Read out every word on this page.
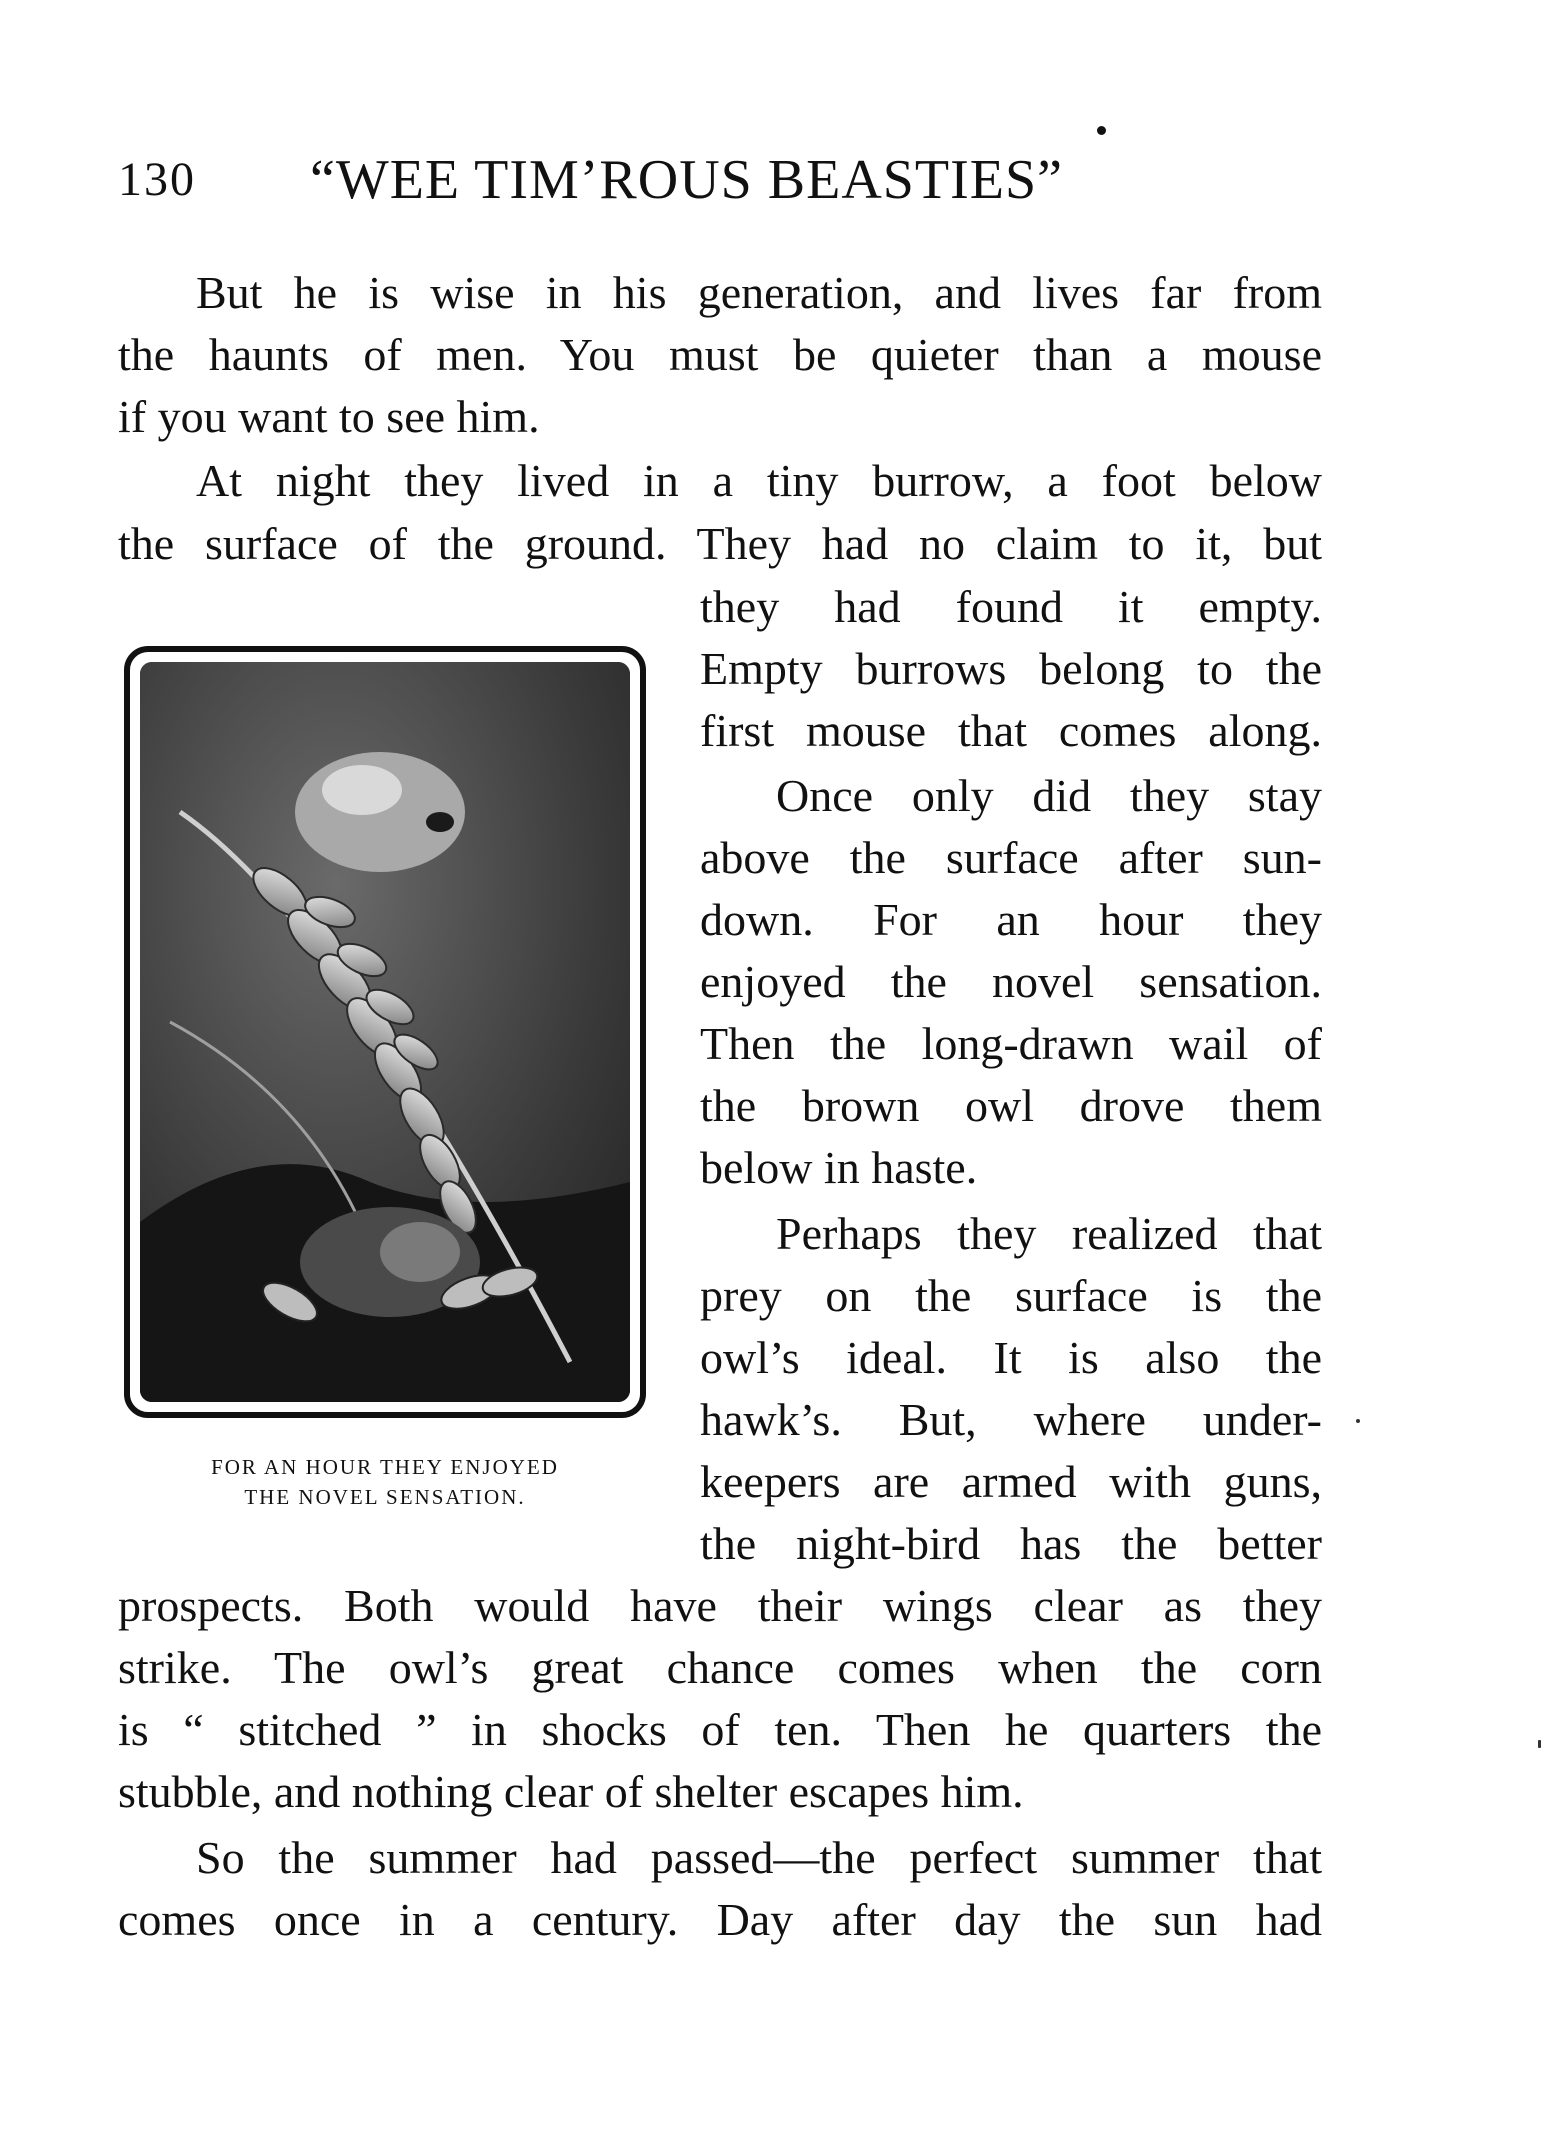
130 “WEE TIM’ROUS BEASTIES”
But he is wise in his generation, and lives far from
the haunts of men. You must be quieter than a mouse
if you want to see him.
At night they lived in a tiny burrow, a foot below
the surface of the ground. They had no claim to it, but
they had found it empty.
Empty burrows belong to the
first mouse that comes along.
Once only did they stay
above the surface after sun-
down. For an hour they
enjoyed the novel sensation.
Then the long-drawn wail of
the brown owl drove them
below in haste.
Perhaps they realized that
prey on the surface is the
owl’s ideal. It is also the
hawk’s. But, where under-
keepers are armed with guns,
the night-bird has the better
prospects. Both would have their wings clear as they
strike. The owl’s great chance comes when the corn
is “ stitched ” in shocks of ten. Then he quarters the
stubble, and nothing clear of shelter escapes him.
So the summer had passed—the perfect summer that
comes once in a century. Day after day the sun had
FOR AN HOUR THEY ENJOYED
THE NOVEL SENSATION.
